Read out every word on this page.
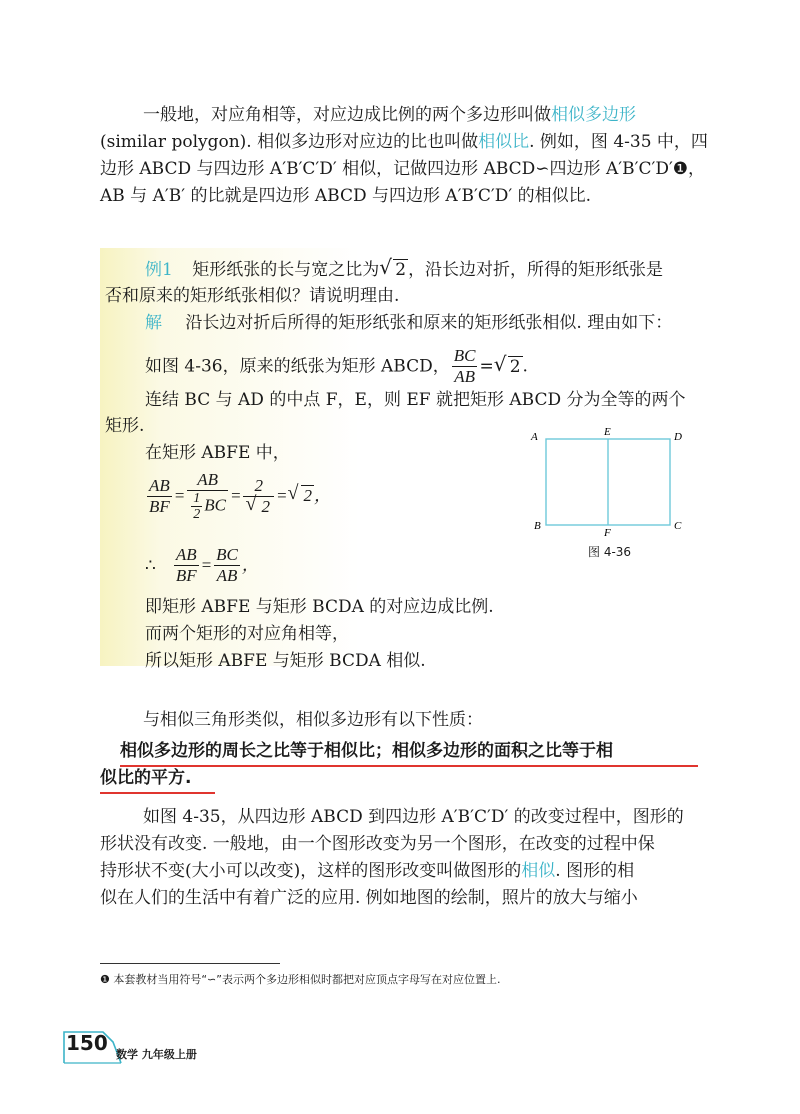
一般地，对应角相等，对应边成比例的两个多边形叫做相似多边形
(similar polygon). 相似多边形对应边的比也叫做相似比. 例如，图 4-35 中，四
边形 ABCD 与四边形 A′B′C′D′ 相似，记做四边形 ABCD∽四边形 A′B′C′D′❶，
AB 与 A′B′ 的比就是四边形 ABCD 与四边形 A′B′C′D′ 的相似比.
例1 矩形纸张的长与宽之比为 √ 2 ，沿长边对折，所得的矩形纸张是
否和原来的矩形纸张相似？请说明理由.
解 沿长边对折后所得的矩形纸张和原来的矩形纸张相似. 理由如下：
如图 4-36，原来的纸张为矩形 ABCD， $\frac{BC}{AB}$ = √ 2 .
连结 BC 与 AD 的中点 F，E，则 EF 就把矩形 ABCD 分为全等的两个
矩形.
在矩形 ABFE 中，
$\frac{AB}{BF} = \frac{AB}{\frac{1}{2} BC} = 2$
√ 2 = √ 2 ，
∴ $\frac{AB}{BF} = \frac{BC}{AB}$ ，
即矩形 ABFE 与矩形 BCDA 的对应边成比例.
而两个矩形的对应角相等，
所以矩形 ABFE 与矩形 BCDA 相似.
A	E	D
B
F
C
图 4-36
与相似三角形类似，相似多边形有以下性质：
相似多边形的周长之比等于相似比；相似多边形的面积之比等于相
似比的平方.
如图 4-35，从四边形 ABCD 到四边形 A′B′C′D′ 的改变过程中，图形的
形状没有改变. 一般地，由一个图形改变为另一个图形，在改变的过程中保
持形状不变(大小可以改变)，这样的图形改变叫做图形的相似. 图形的相
似在人们的生活中有着广泛的应用. 例如地图的绘制，照片的放大与缩小
❶ 本套教材当用符号“∽”表示两个多边形相似时都把对应顶点字母写在对应位置上.
150 数学 九年级上册
